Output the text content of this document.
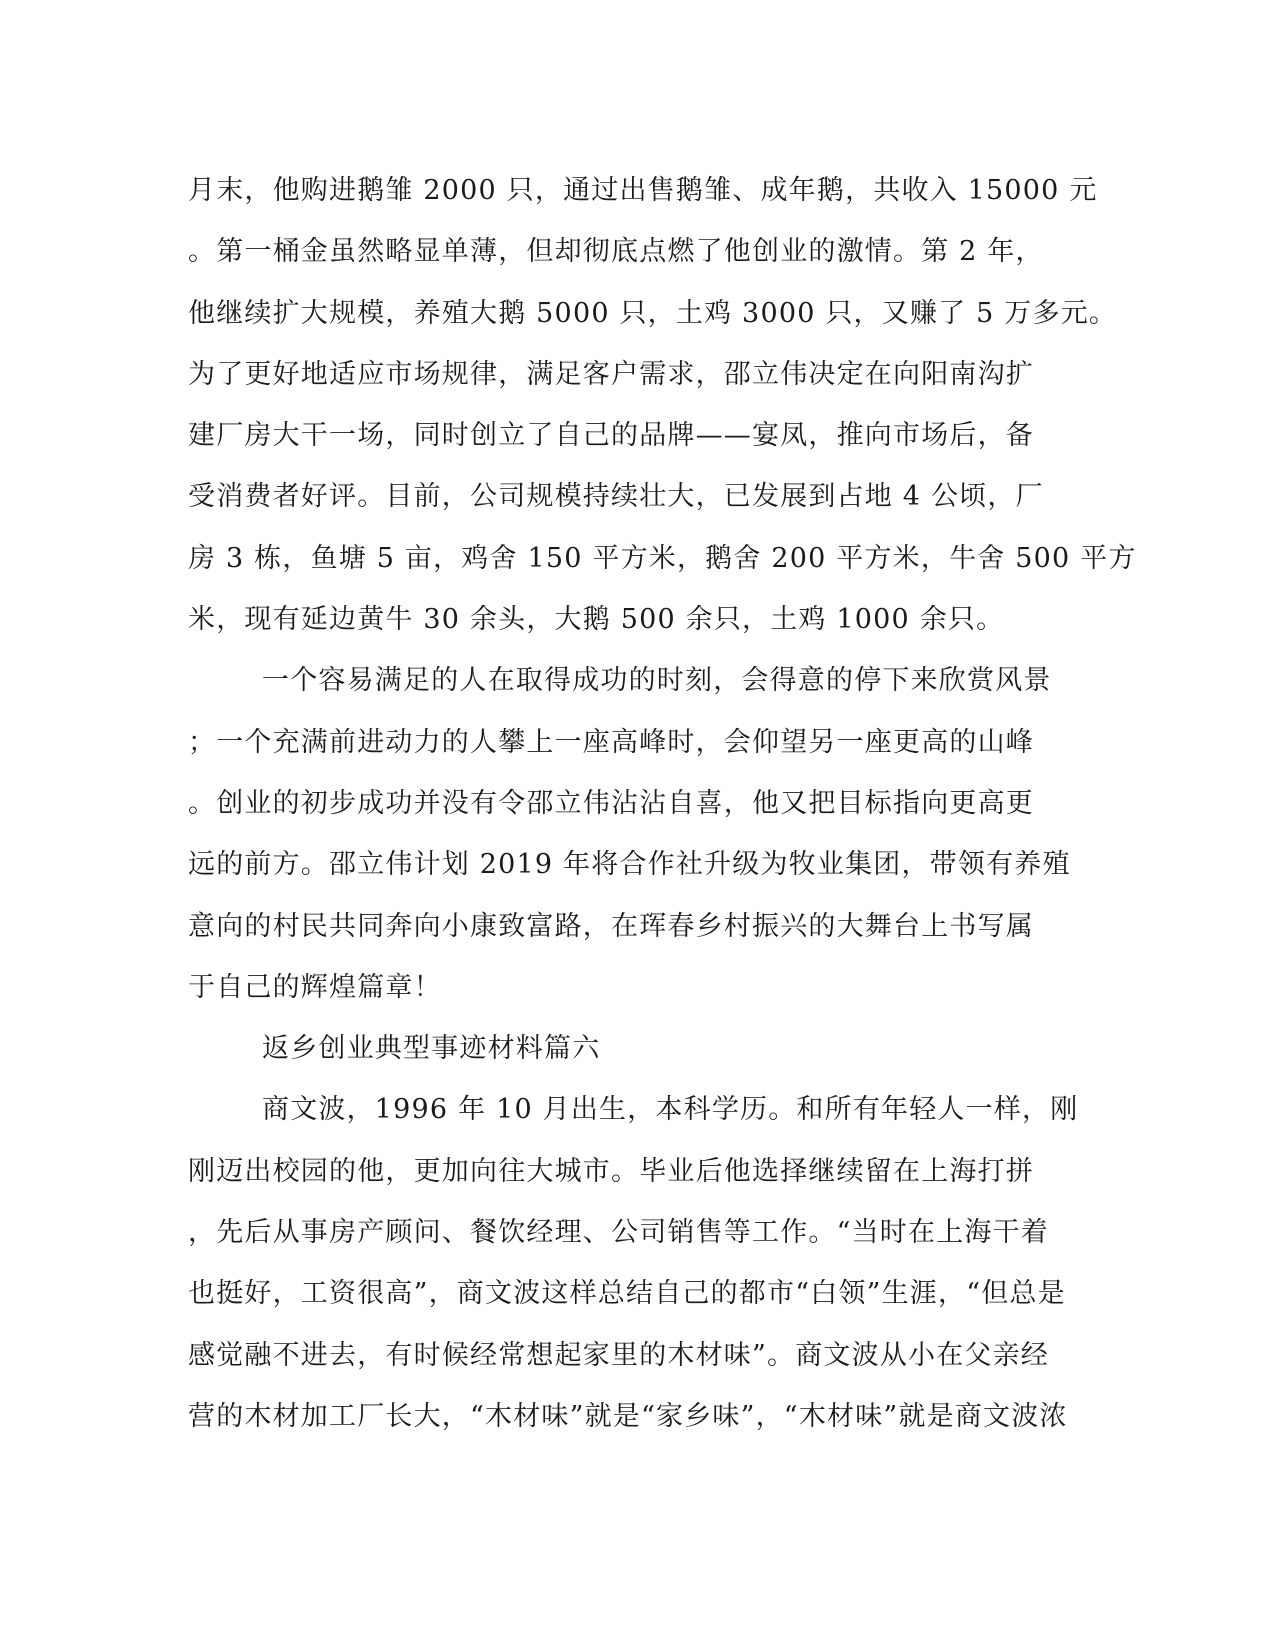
月末，他购进鹅雏 2000 只，通过出售鹅雏、成年鹅，共收入 15000 元
。第一桶金虽然略显单薄，但却彻底点燃了他创业的激情。第 2 年，
他继续扩大规模，养殖大鹅 5000 只，土鸡 3000 只，又赚了 5 万多元。
为了更好地适应市场规律，满足客户需求，邵立伟决定在向阳南沟扩
建厂房大干一场，同时创立了自己的品牌——宴凤，推向市场后，备
受消费者好评。目前，公司规模持续壮大，已发展到占地 4 公顷，厂
房 3 栋，鱼塘 5 亩，鸡舍 150 平方米，鹅舍 200 平方米，牛舍 500 平方
米，现有延边黄牛 30 余头，大鹅 500 余只，土鸡 1000 余只。
一个容易满足的人在取得成功的时刻，会得意的停下来欣赏风景
；一个充满前进动力的人攀上一座高峰时，会仰望另一座更高的山峰
。创业的初步成功并没有令邵立伟沾沾自喜，他又把目标指向更高更
远的前方。邵立伟计划 2019 年将合作社升级为牧业集团，带领有养殖
意向的村民共同奔向小康致富路，在珲春乡村振兴的大舞台上书写属
于自己的辉煌篇章！
返乡创业典型事迹材料篇六
商文波，1996 年 10 月出生，本科学历。和所有年轻人一样，刚
刚迈出校园的他，更加向往大城市。毕业后他选择继续留在上海打拼
，先后从事房产顾问、餐饮经理、公司销售等工作。“当时在上海干着
也挺好，工资很高”，商文波这样总结自己的都市“白领”生涯，“但总是
感觉融不进去，有时候经常想起家里的木材味”。商文波从小在父亲经
营的木材加工厂长大，“木材味”就是“家乡味”，“木材味”就是商文波浓
